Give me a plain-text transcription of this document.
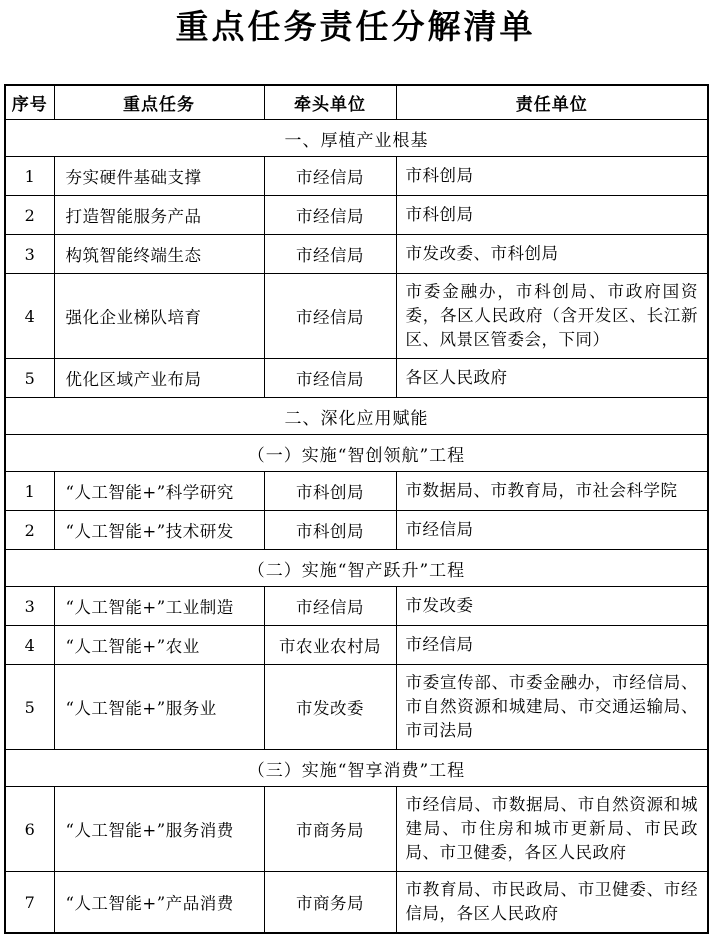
重点任务责任分解清单
序号	重点任务	牵头单位	责任单位
一、厚植产业根基			
1	夯实硬件基础支撑	市经信局	市科创局
2	打造智能服务产品	市经信局	市科创局
3	构筑智能终端生态	市经信局	市发改委、市科创局
4	强化企业梯队培育	市经信局	市委金融办，市科创局、市政府国资委，各区人民政府（含开发区、长江新区、风景区管委会，下同）
5	优化区域产业布局	市经信局	各区人民政府
二、深化应用赋能			
（一）实施“智创领航”工程			
1	“人工智能+”科学研究	市科创局	市数据局、市教育局，市社会科学院
2	“人工智能+”技术研发	市科创局	市经信局
（二）实施“智产跃升”工程			
3	“人工智能+”工业制造	市经信局	市发改委
4	“人工智能+”农业	市农业农村局	市经信局
5	“人工智能+”服务业	市发改委	市委宣传部、市委金融办，市经信局、市自然资源和城建局、市交通运输局、市司法局
（三）实施“智享消费”工程			
6	“人工智能+”服务消费	市商务局	市经信局、市数据局、市自然资源和城建局、市住房和城市更新局、市民政局、市卫健委，各区人民政府
7	“人工智能+”产品消费	市商务局	市教育局、市民政局、市卫健委、市经信局，各区人民政府
